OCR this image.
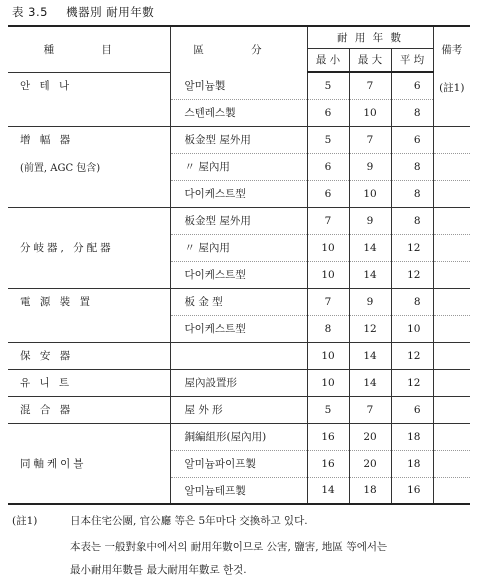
表 3.5 機器別 耐用年數
種 目	區 分	耐 用 年 數			備考
		最 小	最 大	平 均	
안 테 나	알미늄製	5	7	6	(註1)
	스텐레스製	6	10	8	
增 幅 器	板金型 屋外用	5	7	6	
(前置, AGC 包含)	〃 屋內用	6	9	8	
	다이케스트型	6	10	8	
	板金型 屋外用	7	9	8	
分岐器, 分配器	〃 屋內用	10	14	12	
	다이케스트型	10	14	12	
電 源 裝 置	板 金 型	7	9	8	
	다이케스트型	8	12	10	
保 安 器		10	14	12	
유 니 트	屋內設置形	10	14	12	
混 合 器	屋 外 形	5	7	6	
	銅編組形(屋內用)	16	20	18	
同軸케이블	알미늄파이프製	16	20	18	
	알미늄테프製	14	18	16	
(註1)	日本住宅公團, 官公廳 等은 5年마다 交換하고 있다.
本表는 一般對象中에서의 耐用年數이므로 公害, 鹽害, 地區 等에서는
最小耐用年數를 最大耐用年數로 한것.
